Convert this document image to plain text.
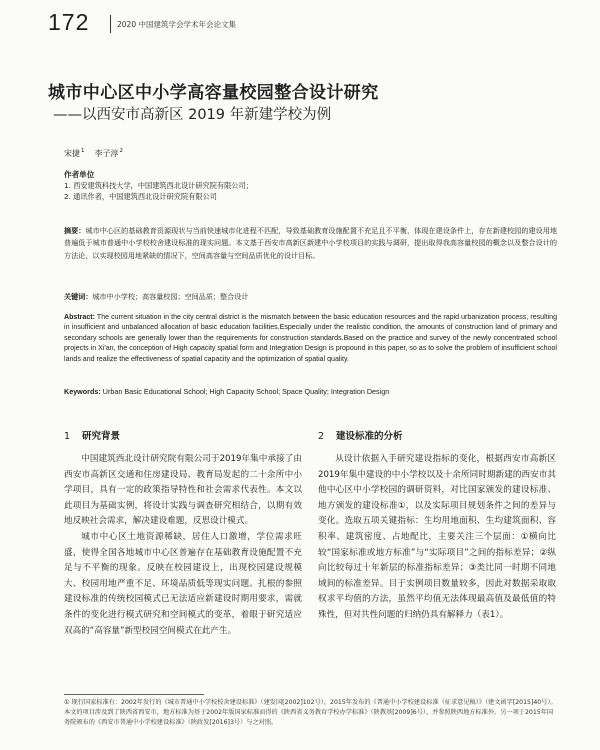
172	2020 中国建筑学会学术年会论文集
城市中心区中小学高容量校园整合设计研究
——以西安市高新区 2019 年新建学校为例
宋捷$^1$ 李子淳$^2$
作者单位
1. 西安建筑科技大学，中国建筑西北设计研究院有限公司；
2. 通讯作者，中国建筑西北设计研究院有限公司
摘要：城市中心区的基础教育资源现状与当前快速城市化进程不匹配，导致基础教育设施配置不充足且不平衡，体现在建设条件上，存在新建校园的建设用地普遍低于城市普通中小学校校舍建设标准的现实问题。本文基于西安市高新区新建中小学校项目的实践与调研，提出取得我高容量校园的概念以及整合设计的方法论，以实现校园用地紧缺的情况下，空间高容量与空间品质优化的设计目标。
关键词：城市中小学校；高容量校园；空间品质；整合设计
Abstract: The current situation in the city central district is the mismatch between the basic education resources and the rapid urbanization process, resulting in insufficient and unbalanced allocation of basic education facilities.Especially under the realistic condition, the amounts of construction land of primary and secondary schools are generally lower than the requirements for construction standards.Based on the practice and survey of the newly concentrated school projects in Xi'an, the conception of High capacity spatial form and Integration Design is propound in this paper, so as to solve the problem of insufficient school lands and realize the effectiveness of spatial capacity and the optimization of spatial quality.
Keywords: Urban Basic Educational School; High Capacity School; Space Quality; Integration Design
1 研究背景	2 建设标准的分析

中国建筑西北设计研究院有限公司于2019年集中承接了由西安市高新区交通和住房建设局、教育局发起的二十余所中小学项目，具有一定的政策指导特性和社会需求代表性。本文以此项目为基础实例，将设计实践与调查研究相结合，以期有效地反映社会需求，解决建设难题，反思设计模式。

城市中心区土地资源稀缺，居住人口激增，学位需求旺盛，使得全国各地城市中心区普遍存在基础教育设施配置不充足与不平衡的现象。反映在校园建设上，出现校园建设规模大、校园用地严重不足、环境品质低等现实问题。扎根的参照建设标准的传统校园模式已无法适应新建设时期用要求，需就条件的变化进行模式研究和空间模式的变革，着眼于研究适应双高的“高容量”新型校园空间模式在此产生。

从设计依据入手研究建设指标的变化，根据西安市高新区2019年集中建设的中小学校以及十余所同时期新建的西安市其他中心区中小学校园的调研资料，对比国家颁发的建设标准、地方颁发的建设标准①，以及实际项目规划条件之间的差异与变化。选取五项关键指标：生均用地面积、生均建筑面积、容积率、建筑密度、占地配比，主要关注三个层面：①横向比较“国家标准或地方标准”与“实际项目”之间的指标差异；②纵向比较每过十年新层的标准指标差异；③类比同一时期不同地域间的标准差异。目于实例项目数量较多，因此对数据采取取权求平均值的方法，虽然平均值无法体现最高值及最低值的特殊性，但对共性问题的归纳仍具有解释力（表1）。

① 现行国家标准有：2002年发行的《城市普通中小学校校舍建设标准》（建发国[2002]102号），2015年发布的《普通中小学校建设标准（征求意见稿）》（建文函字[2015]40号）。本文的项目涉及到了陕西省西安市，地方标准为基于2002年版国家标准而得的《陕西省义务教育学校办学标准》（陕教基[2009]6号），并参照陕西地方标准外，另一项于2015年国务院颁布的《西安市普通中小学校建设标准》（陕政发[2016]3号）与之对照。
